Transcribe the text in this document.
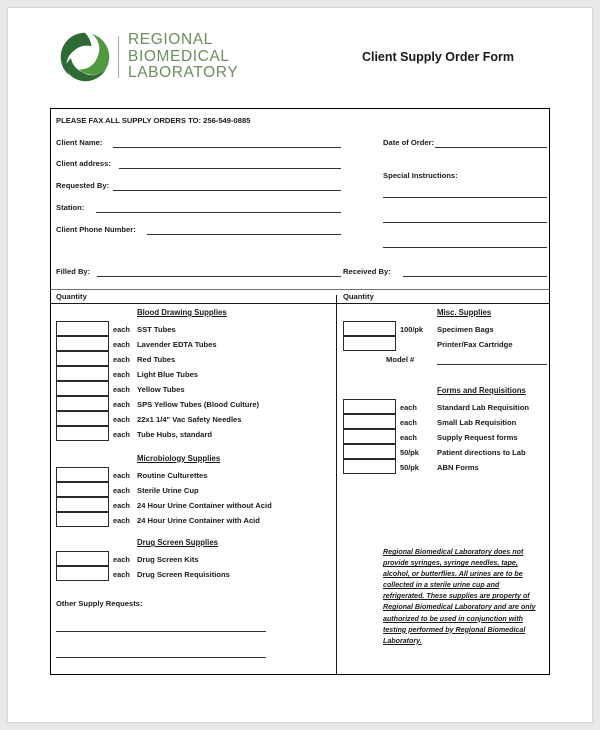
REGIONAL
BIOMEDICAL
LABORATORY
Client Supply Order Form
PLEASE FAX ALL SUPPLY ORDERS TO: 256-549-0885
Client Name:
Client address:
Requested By:
Station:
Client Phone Number:
Date of Order:
Special Instructions:
Filled By:	Received By:
Quantity	Quantity
Blood Drawing Supplies
each SST Tubes
each Lavender EDTA Tubes
each Red Tubes
each Light Blue Tubes
each Yellow Tubes
each SPS Yellow Tubes (Blood Culture)
each 22x1 1/4" Vac Safety Needles
each Tube Hubs, standard
Microbiology Supplies
each Routine Culturettes
each Sterile Urine Cup
each 24 Hour Urine Container without Acid
each 24 Hour Urine Container with Acid
Drug Screen Supplies
each Drug Screen Kits
each Drug Screen Requisitions
Other Supply Requests:
Misc. Supplies
100/pk Specimen Bags
Printer/Fax Cartridge
Model #
Forms and Requisitions
each	Standard Lab Requisition
each	Small Lab Requisition
each	Supply Request forms
50/pk Patient directions to Lab
50/pk ABN Forms
Regional Biomedical Laboratory does not provide syringes, syringe needles, tape, alcohol, or butterflies. All urines are to be collected in a sterile urine cup and refrigerated. These supplies are property of Regional Biomedical Laboratory and are only authorized to be used in conjunction with testing performed by Regional Biomedical Laboratory.
